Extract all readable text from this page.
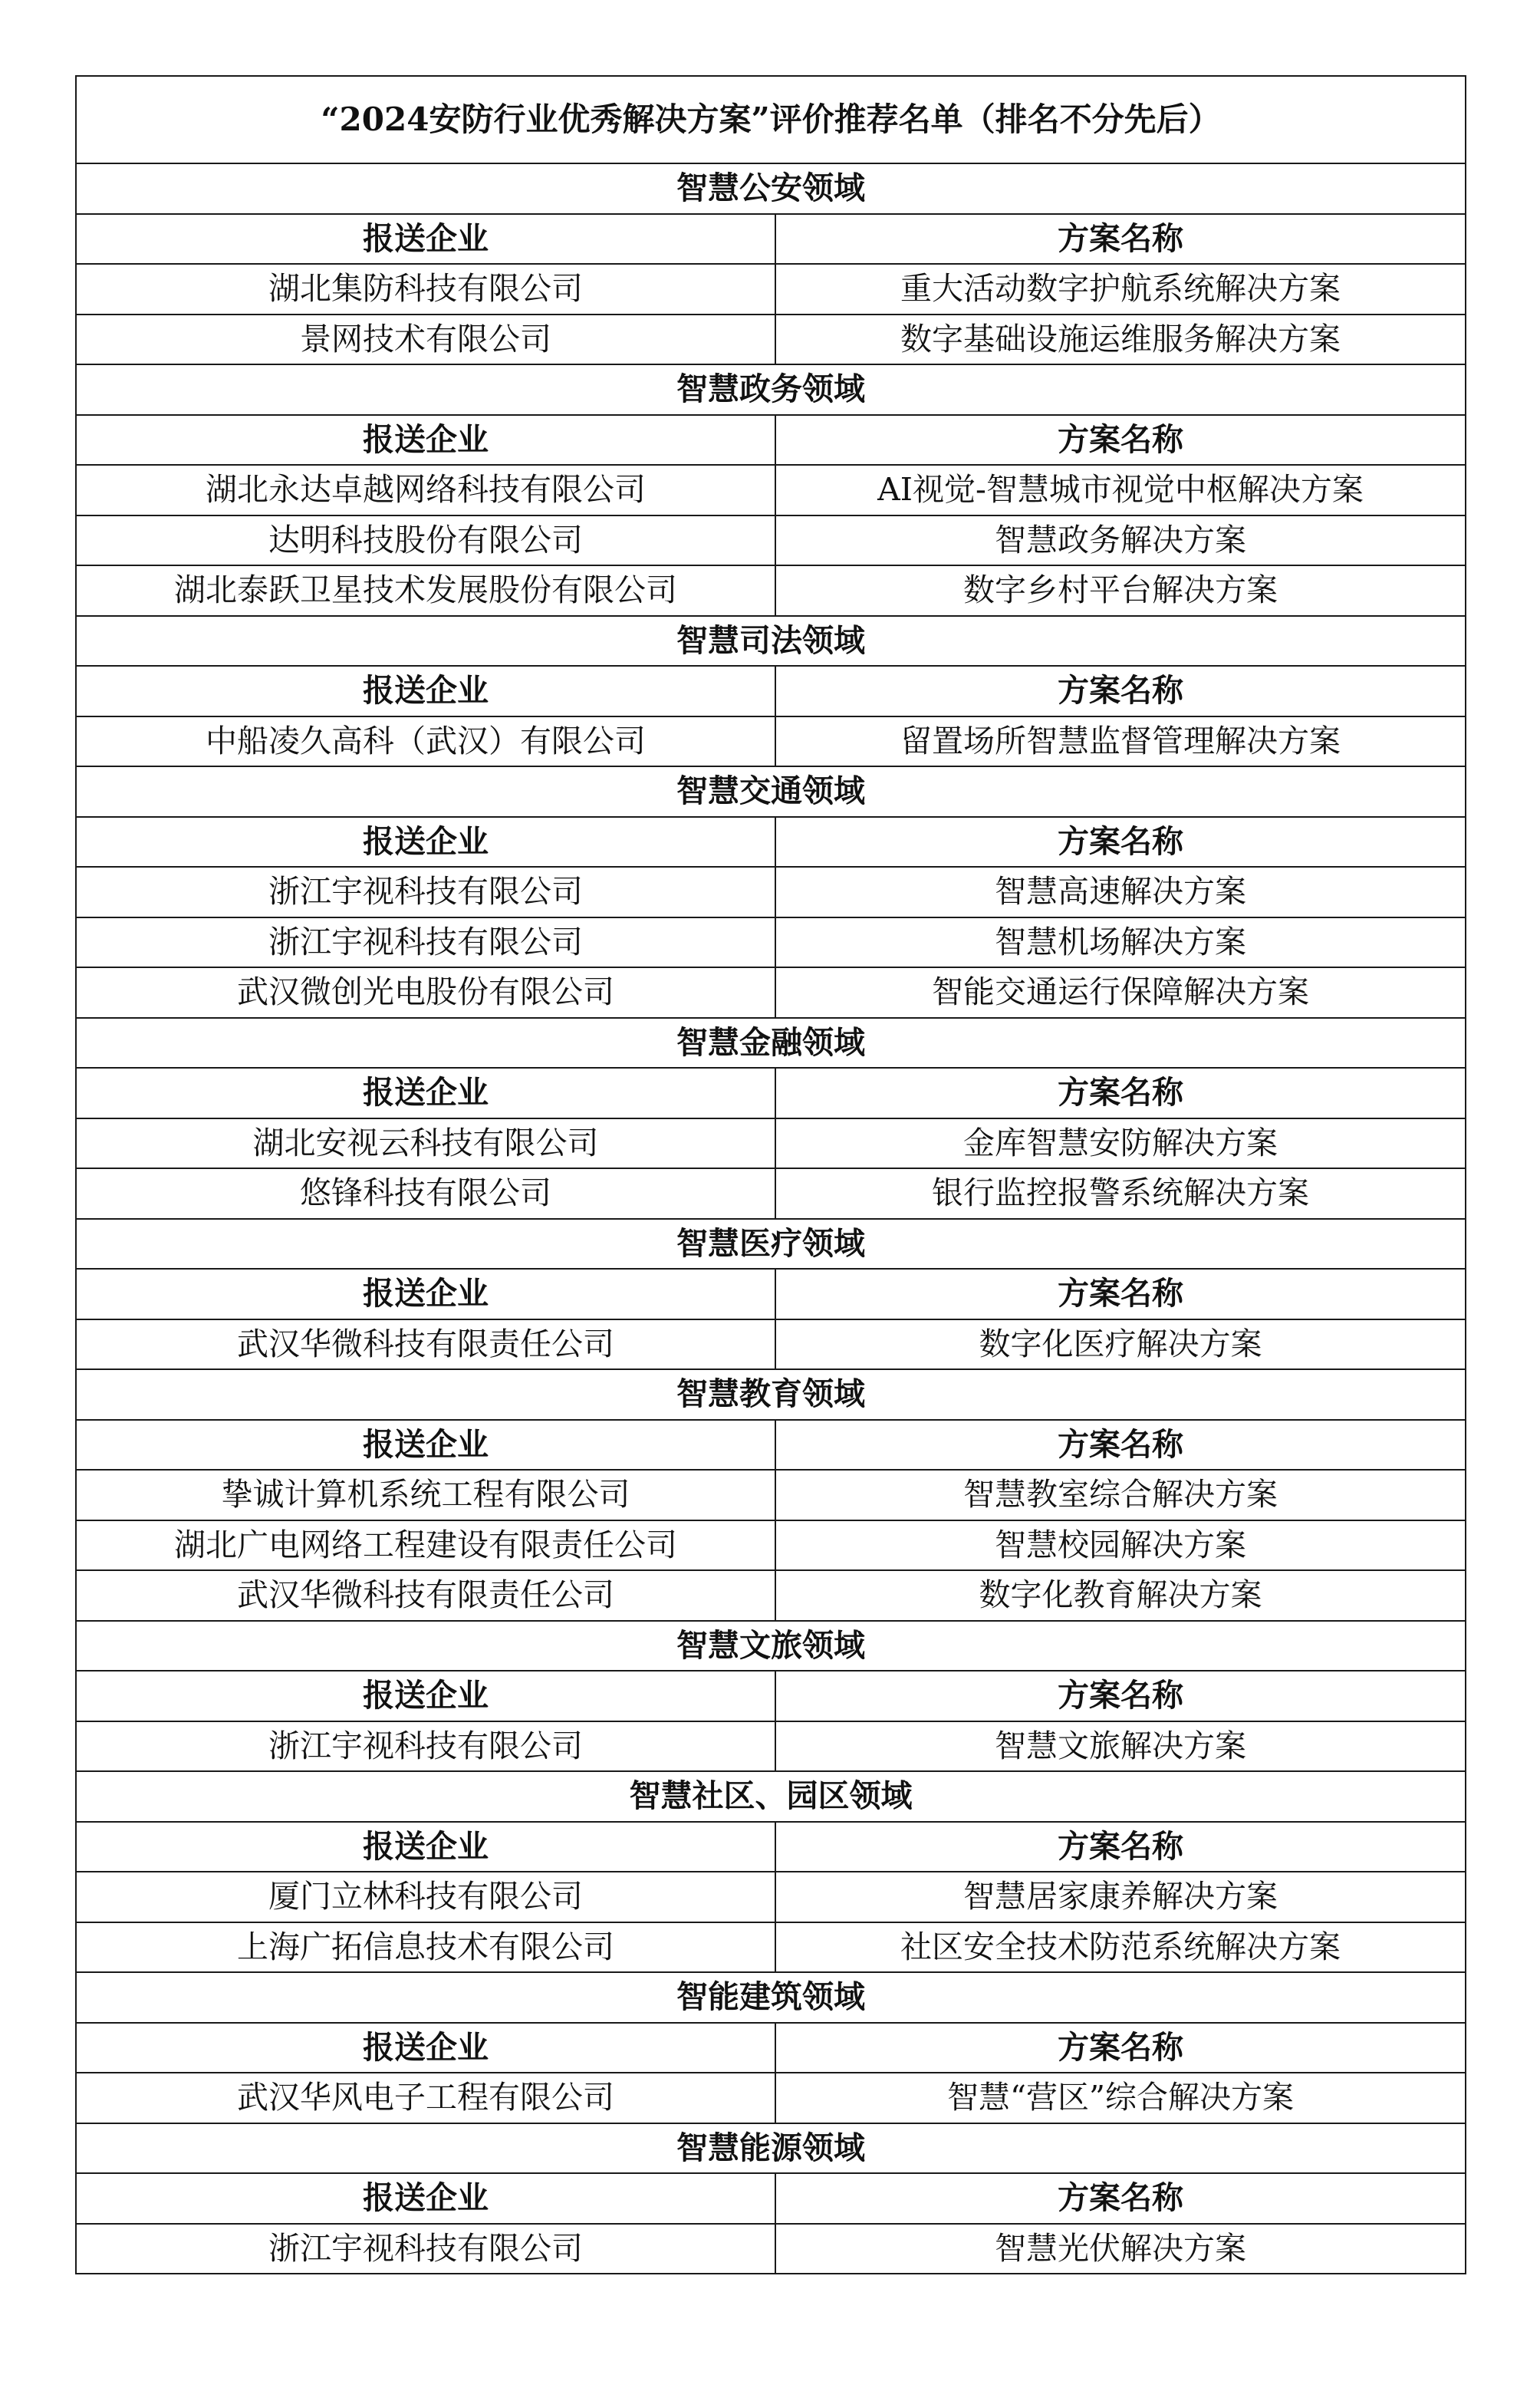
“2024安防行业优秀解决方案”评价推荐名单（排名不分先后）	
智慧公安领域	
报送企业	方案名称
湖北集防科技有限公司	重大活动数字护航系统解决方案
景网技术有限公司	数字基础设施运维服务解决方案
智慧政务领域	
报送企业	方案名称
湖北永达卓越网络科技有限公司	AI视觉-智慧城市视觉中枢解决方案
达明科技股份有限公司	智慧政务解决方案
湖北泰跃卫星技术发展股份有限公司	数字乡村平台解决方案
智慧司法领域	
报送企业	方案名称
中船凌久高科（武汉）有限公司	留置场所智慧监督管理解决方案
智慧交通领域	
报送企业	方案名称
浙江宇视科技有限公司	智慧高速解决方案
浙江宇视科技有限公司	智慧机场解决方案
武汉微创光电股份有限公司	智能交通运行保障解决方案
智慧金融领域	
报送企业	方案名称
湖北安视云科技有限公司	金库智慧安防解决方案
悠锋科技有限公司	银行监控报警系统解决方案
智慧医疗领域	
报送企业	方案名称
武汉华微科技有限责任公司	数字化医疗解决方案
智慧教育领域	
报送企业	方案名称
挚诚计算机系统工程有限公司	智慧教室综合解决方案
湖北广电网络工程建设有限责任公司	智慧校园解决方案
武汉华微科技有限责任公司	数字化教育解决方案
智慧文旅领域	
报送企业	方案名称
浙江宇视科技有限公司	智慧文旅解决方案
智慧社区、园区领域	
报送企业	方案名称
厦门立林科技有限公司	智慧居家康养解决方案
上海广拓信息技术有限公司	社区安全技术防范系统解决方案
智能建筑领域	
报送企业	方案名称
武汉华风电子工程有限公司	智慧“营区”综合解决方案
智慧能源领域	
报送企业	方案名称
浙江宇视科技有限公司	智慧光伏解决方案
